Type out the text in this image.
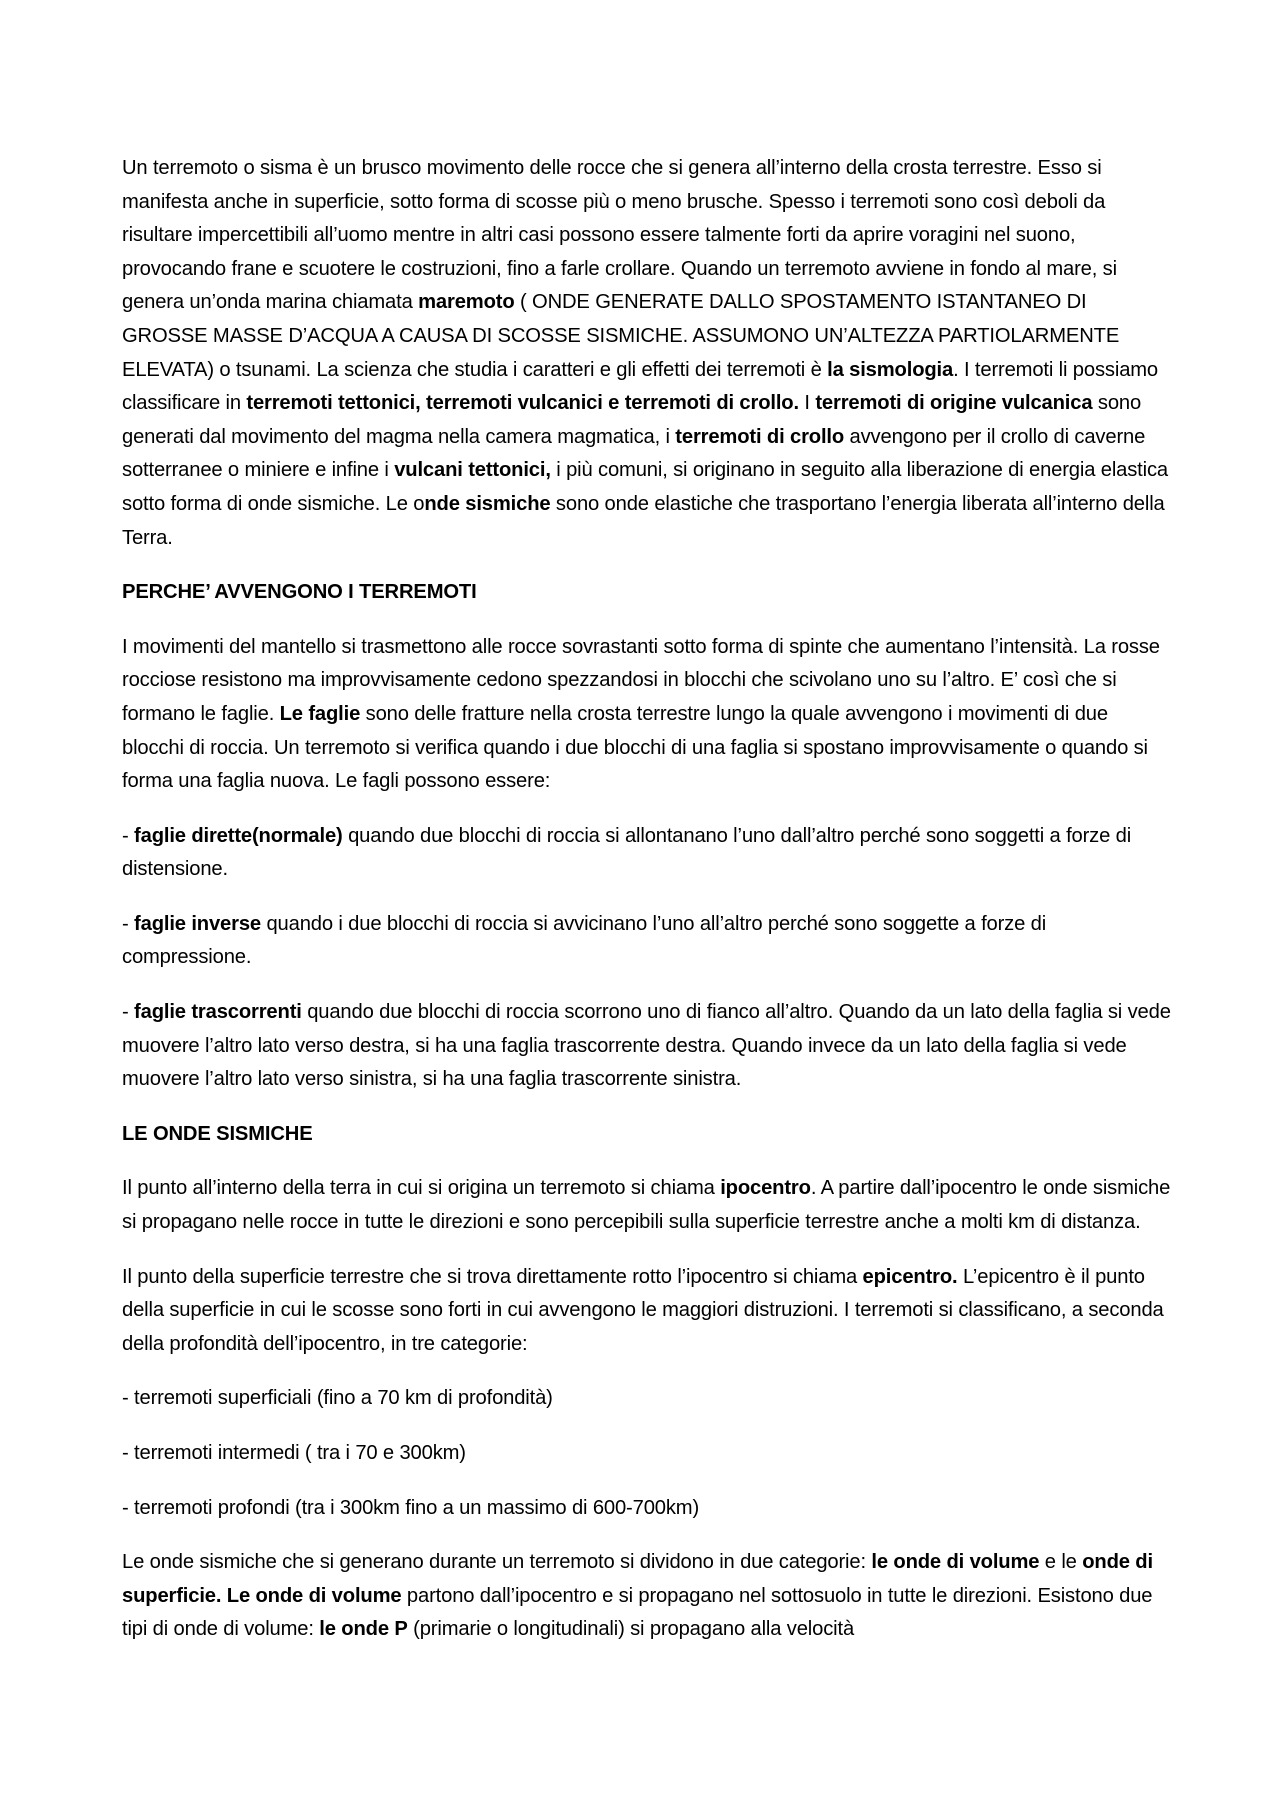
Un terremoto o sisma è un brusco movimento delle rocce che si genera all’interno della crosta terrestre. Esso si manifesta anche in superficie, sotto forma di scosse più o meno brusche. Spesso i terremoti sono così deboli da risultare impercettibili all’uomo mentre in altri casi possono essere talmente forti da aprire voragini nel suono, provocando frane e scuotere le costruzioni, fino a farle crollare. Quando un terremoto avviene in fondo al mare, si genera un’onda marina chiamata maremoto ( ONDE GENERATE DALLO SPOSTAMENTO ISTANTANEO DI GROSSE MASSE D’ACQUA A CAUSA DI SCOSSE SISMICHE. ASSUMONO UN’ALTEZZA PARTIOLARMENTE ELEVATA) o tsunami. La scienza che studia i caratteri e gli effetti dei terremoti è la sismologia. I terremoti li possiamo classificare in terremoti tettonici, terremoti vulcanici e terremoti di crollo. I terremoti di origine vulcanica sono generati dal movimento del magma nella camera magmatica, i terremoti di crollo avvengono per il crollo di caverne sotterranee o miniere e infine i vulcani tettonici, i più comuni, si originano in seguito alla liberazione di energia elastica sotto forma di onde sismiche. Le onde sismiche sono onde elastiche che trasportano l’energia liberata all’interno della Terra.

PERCHE’ AVVENGONO I TERREMOTI

I movimenti del mantello si trasmettono alle rocce sovrastanti sotto forma di spinte che aumentano l’intensità. La rosse rocciose resistono ma improvvisamente cedono spezzandosi in blocchi che scivolano uno su l’altro. E’ così che si formano le faglie. Le faglie sono delle fratture nella crosta terrestre lungo la quale avvengono i movimenti di due blocchi di roccia. Un terremoto si verifica quando i due blocchi di una faglia si spostano improvvisamente o quando si forma una faglia nuova. Le fagli possono essere:

- faglie dirette(normale) quando due blocchi di roccia si allontanano l’uno dall’altro perché sono soggetti a forze di distensione.

- faglie inverse quando i due blocchi di roccia si avvicinano l’uno all’altro perché sono soggette a forze di compressione.

- faglie trascorrenti quando due blocchi di roccia scorrono uno di fianco all’altro. Quando da un lato della faglia si vede muovere l’altro lato verso destra, si ha una faglia trascorrente destra. Quando invece da un lato della faglia si vede muovere l’altro lato verso sinistra, si ha una faglia trascorrente sinistra.

LE ONDE SISMICHE

Il punto all’interno della terra in cui si origina un terremoto si chiama ipocentro. A partire dall’ipocentro le onde sismiche si propagano nelle rocce in tutte le direzioni e sono percepibili sulla superficie terrestre anche a molti km di distanza.

Il punto della superficie terrestre che si trova direttamente rotto l’ipocentro si chiama epicentro. L’epicentro è il punto della superficie in cui le scosse sono forti in cui avvengono le maggiori distruzioni. I terremoti si classificano, a seconda della profondità dell’ipocentro, in tre categorie:

- terremoti superficiali (fino a 70 km di profondità)

- terremoti intermedi ( tra i 70 e 300km)

- terremoti profondi (tra i 300km fino a un massimo di 600-700km)

Le onde sismiche che si generano durante un terremoto si dividono in due categorie: le onde di volume e le onde di superficie. Le onde di volume partono dall’ipocentro e si propagano nel sottosuolo in tutte le direzioni. Esistono due tipi di onde di volume: le onde P (primarie o longitudinali) si propagano alla velocità
